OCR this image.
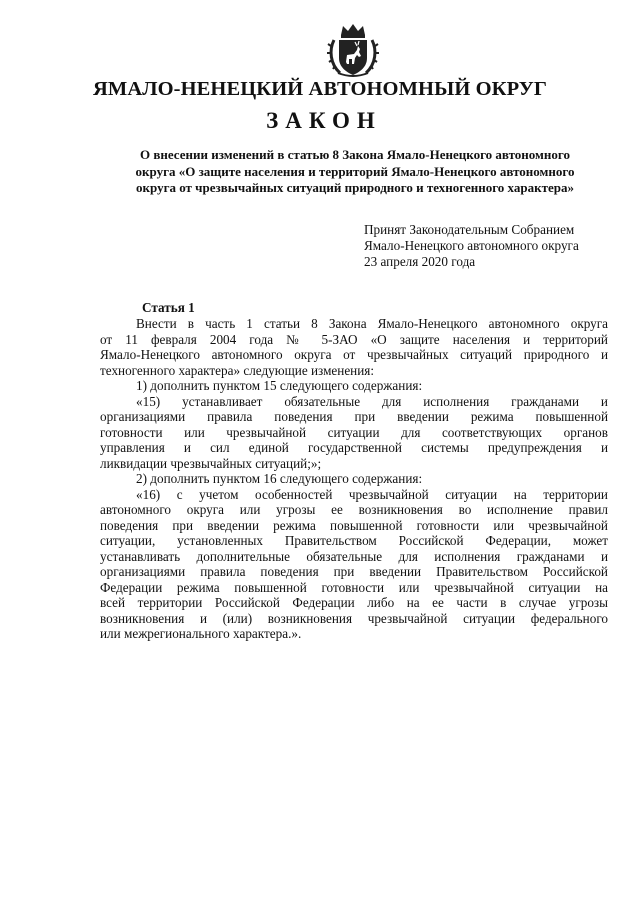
ЯМАЛО-НЕНЕЦКИЙ АВТОНОМНЫЙ ОКРУГ
ЗАКОН
О внесении изменений в статью 8 Закона Ямало-Ненецкого автономного
округа «О защите населения и территорий Ямало-Ненецкого автономного
округа от чрезвычайных ситуаций природного и техногенного характера»
Принят Законодательным Собранием
Ямало-Ненецкого автономного округа
23 апреля 2020 года
Статья 1
Внести в часть 1 статьи 8 Закона Ямало-Ненецкого автономного округа
от 11 февраля 2004 года № 5-ЗАО «О защите населения и территорий
Ямало-Ненецкого автономного округа от чрезвычайных ситуаций природного и
техногенного характера» следующие изменения:
1) дополнить пунктом 15 следующего содержания:
«15) устанавливает обязательные для исполнения гражданами и
организациями правила поведения при введении режима повышенной
готовности или чрезвычайной ситуации для соответствующих органов
управления и сил единой государственной системы предупреждения и
ликвидации чрезвычайных ситуаций;»;
2) дополнить пунктом 16 следующего содержания:
«16) с учетом особенностей чрезвычайной ситуации на территории
автономного округа или угрозы ее возникновения во исполнение правил
поведения при введении режима повышенной готовности или чрезвычайной
ситуации, установленных Правительством Российской Федерации, может
устанавливать дополнительные обязательные для исполнения гражданами и
организациями правила поведения при введении Правительством Российской
Федерации режима повышенной готовности или чрезвычайной ситуации на
всей территории Российской Федерации либо на ее части в случае угрозы
возникновения и (или) возникновения чрезвычайной ситуации федерального
или межрегионального характера.».
